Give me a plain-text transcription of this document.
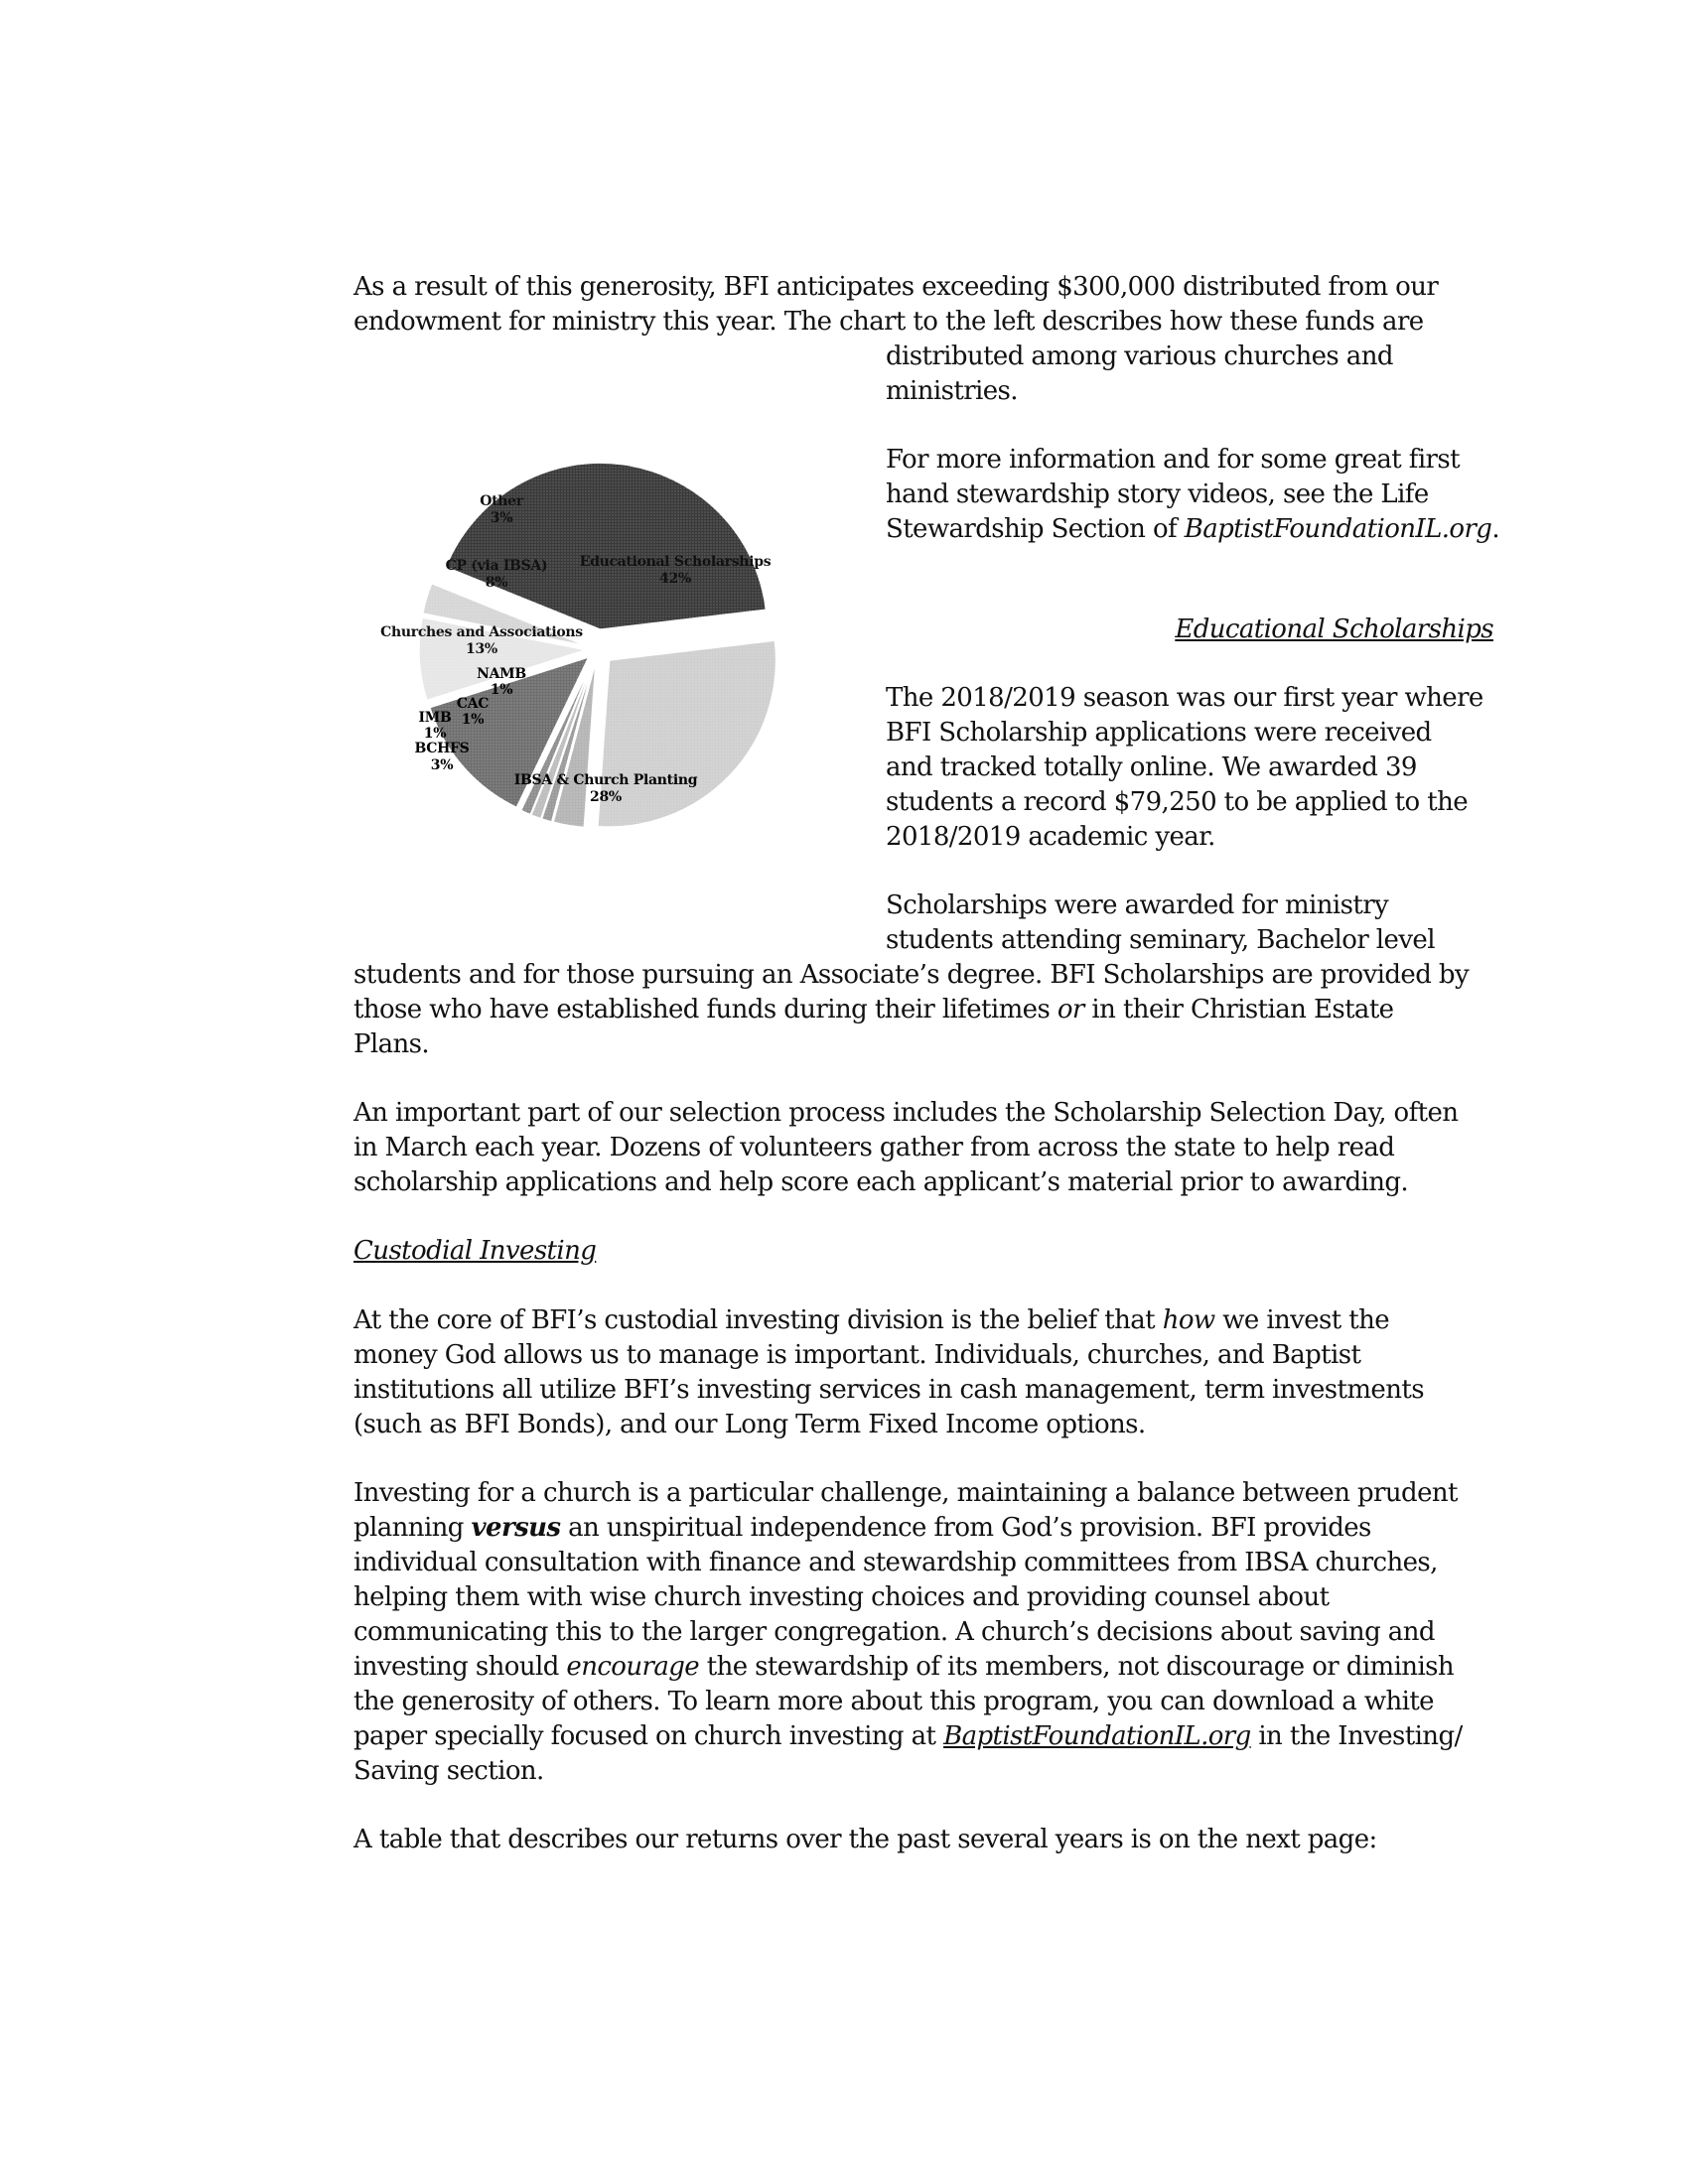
As a result of this generosity, BFI anticipates exceeding $300,000 distributed from our
endowment for ministry this year. The chart to the left describes how these funds are
distributed among various churches and
ministries.
For more information and for some great first
hand stewardship story videos, see the Life
Stewardship Section of BaptistFoundationIL.org.
Educational Scholarships
The 2018/2019 season was our first year where
BFI Scholarship applications were received
and tracked totally online. We awarded 39
students a record $79,250 to be applied to the
2018/2019 academic year.
Scholarships were awarded for ministry
students attending seminary, Bachelor level
students and for those pursuing an Associate’s degree. BFI Scholarships are provided by
those who have established funds during their lifetimes or in their Christian Estate
Plans.
An important part of our selection process includes the Scholarship Selection Day, often
in March each year. Dozens of volunteers gather from across the state to help read
scholarship applications and help score each applicant’s material prior to awarding.
Custodial Investing
At the core of BFI’s custodial investing division is the belief that how we invest the
money God allows us to manage is important. Individuals, churches, and Baptist
institutions all utilize BFI’s investing services in cash management, term investments
(such as BFI Bonds), and our Long Term Fixed Income options.
Investing for a church is a particular challenge, maintaining a balance between prudent
planning versus an unspiritual independence from God’s provision. BFI provides
individual consultation with finance and stewardship committees from IBSA churches,
helping them with wise church investing choices and providing counsel about
communicating this to the larger congregation. A church’s decisions about saving and
investing should encourage the stewardship of its members, not discourage or diminish
the generosity of others. To learn more about this program, you can download a white
paper specially focused on church investing at BaptistFoundationIL.org in the Investing/
Saving section.
A table that describes our returns over the past several years is on the next page:
Educational Scholarships
42%
IBSA & Church Planting
28%
BCHFS
3%
IMB
1%
CAC
1%
NAMB
1%
Churches and Associations
13%
CP (via IBSA)
8%
Other
3%
